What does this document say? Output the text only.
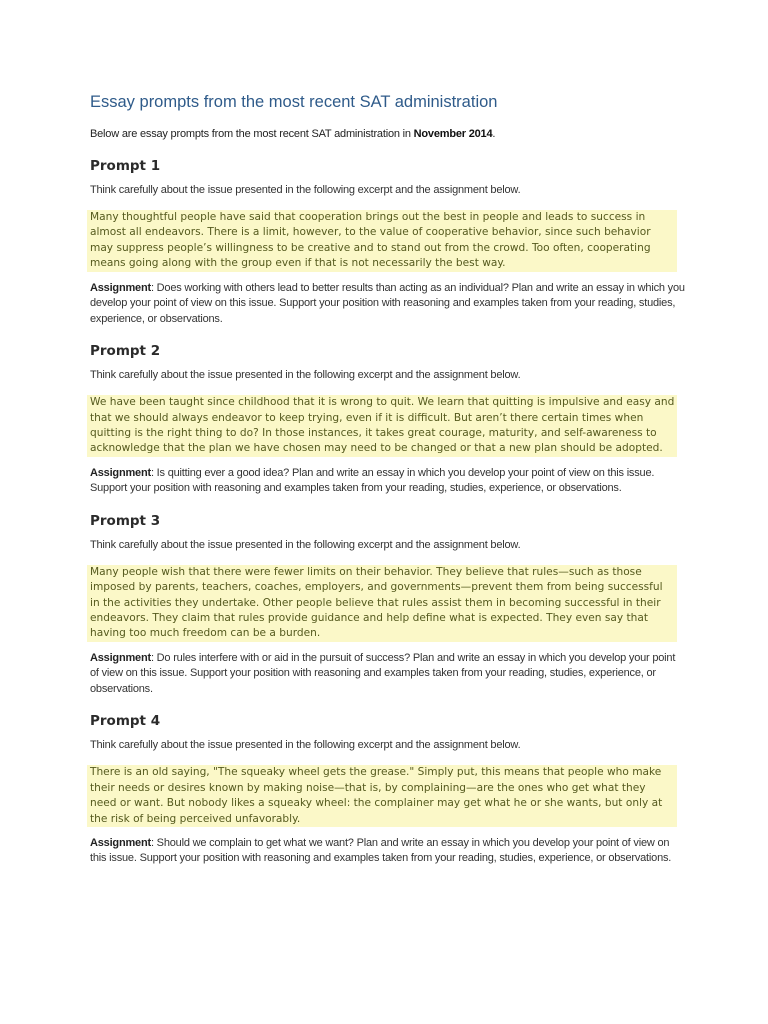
Essay prompts from the most recent SAT administration

Below are essay prompts from the most recent SAT administration in November 2014.

Prompt 1

Think carefully about the issue presented in the following excerpt and the assignment below.

Many thoughtful people have said that cooperation brings out the best in people and leads to success in almost all endeavors. There is a limit, however, to the value of cooperative behavior, since such behavior may suppress people’s willingness to be creative and to stand out from the crowd. Too often, cooperating means going along with the group even if that is not necessarily the best way.

Assignment: Does working with others lead to better results than acting as an individual? Plan and write an essay in which you develop your point of view on this issue. Support your position with reasoning and examples taken from your reading, studies, experience, or observations.

Prompt 2

Think carefully about the issue presented in the following excerpt and the assignment below.

We have been taught since childhood that it is wrong to quit. We learn that quitting is impulsive and easy and that we should always endeavor to keep trying, even if it is difficult. But aren’t there certain times when quitting is the right thing to do? In those instances, it takes great courage, maturity, and self-awareness to acknowledge that the plan we have chosen may need to be changed or that a new plan should be adopted.

Assignment: Is quitting ever a good idea? Plan and write an essay in which you develop your point of view on this issue. Support your position with reasoning and examples taken from your reading, studies, experience, or observations.

Prompt 3

Think carefully about the issue presented in the following excerpt and the assignment below.

Many people wish that there were fewer limits on their behavior. They believe that rules—such as those imposed by parents, teachers, coaches, employers, and governments—prevent them from being successful in the activities they undertake. Other people believe that rules assist them in becoming successful in their endeavors. They claim that rules provide guidance and help define what is expected. They even say that having too much freedom can be a burden.

Assignment: Do rules interfere with or aid in the pursuit of success? Plan and write an essay in which you develop your point of view on this issue. Support your position with reasoning and examples taken from your reading, studies, experience, or observations.

Prompt 4

Think carefully about the issue presented in the following excerpt and the assignment below.

There is an old saying, "The squeaky wheel gets the grease." Simply put, this means that people who make their needs or desires known by making noise—that is, by complaining—are the ones who get what they need or want. But nobody likes a squeaky wheel: the complainer may get what he or she wants, but only at the risk of being perceived unfavorably.

Assignment: Should we complain to get what we want? Plan and write an essay in which you develop your point of view on this issue. Support your position with reasoning and examples taken from your reading, studies, experience, or observations.
